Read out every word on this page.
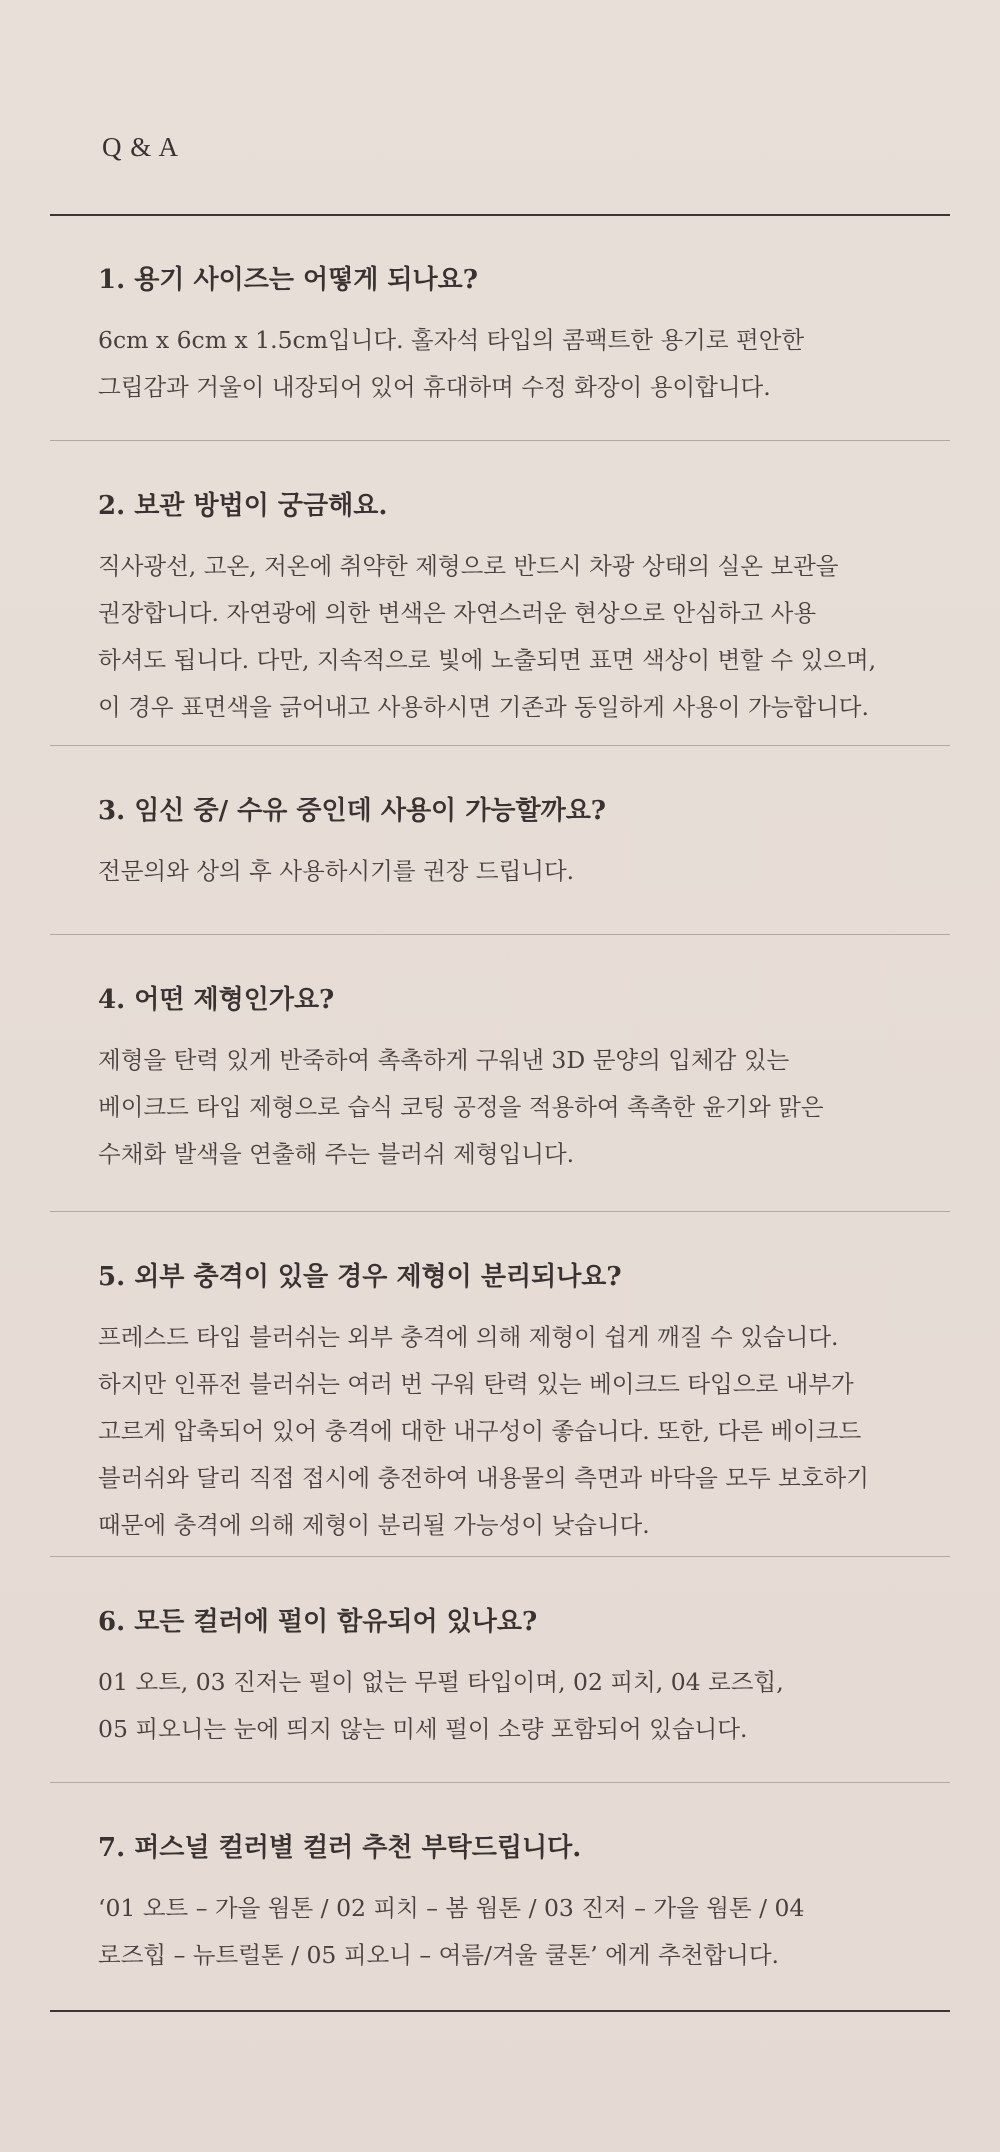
Q & A
1. 용기 사이즈는 어떻게 되나요?
6cm x 6cm x 1.5cm입니다. 홀자석 타입의 콤팩트한 용기로 편안한
그립감과 거울이 내장되어 있어 휴대하며 수정 화장이 용이합니다.
2. 보관 방법이 궁금해요.
직사광선, 고온, 저온에 취약한 제형으로 반드시 차광 상태의 실온 보관을
권장합니다. 자연광에 의한 변색은 자연스러운 현상으로 안심하고 사용
하셔도 됩니다. 다만, 지속적으로 빛에 노출되면 표면 색상이 변할 수 있으며,
이 경우 표면색을 긁어내고 사용하시면 기존과 동일하게 사용이 가능합니다.
3. 임신 중/ 수유 중인데 사용이 가능할까요?
전문의와 상의 후 사용하시기를 권장 드립니다.
4. 어떤 제형인가요?
제형을 탄력 있게 반죽하여 촉촉하게 구워낸 3D 문양의 입체감 있는
베이크드 타입 제형으로 습식 코팅 공정을 적용하여 촉촉한 윤기와 맑은
수채화 발색을 연출해 주는 블러쉬 제형입니다.
5. 외부 충격이 있을 경우 제형이 분리되나요?
프레스드 타입 블러쉬는 외부 충격에 의해 제형이 쉽게 깨질 수 있습니다.
하지만 인퓨전 블러쉬는 여러 번 구워 탄력 있는 베이크드 타입으로 내부가
고르게 압축되어 있어 충격에 대한 내구성이 좋습니다. 또한, 다른 베이크드
블러쉬와 달리 직접 접시에 충전하여 내용물의 측면과 바닥을 모두 보호하기
때문에 충격에 의해 제형이 분리될 가능성이 낮습니다.
6. 모든 컬러에 펄이 함유되어 있나요?
01 오트, 03 진저는 펄이 없는 무펄 타입이며, 02 피치, 04 로즈힙,
05 피오니는 눈에 띄지 않는 미세 펄이 소량 포함되어 있습니다.
7. 퍼스널 컬러별 컬러 추천 부탁드립니다.
‘01 오트 – 가을 웜톤 / 02 피치 – 봄 웜톤 / 03 진저 – 가을 웜톤 / 04
로즈힙 – 뉴트럴톤 / 05 피오니 – 여름/겨울 쿨톤’ 에게 추천합니다.
